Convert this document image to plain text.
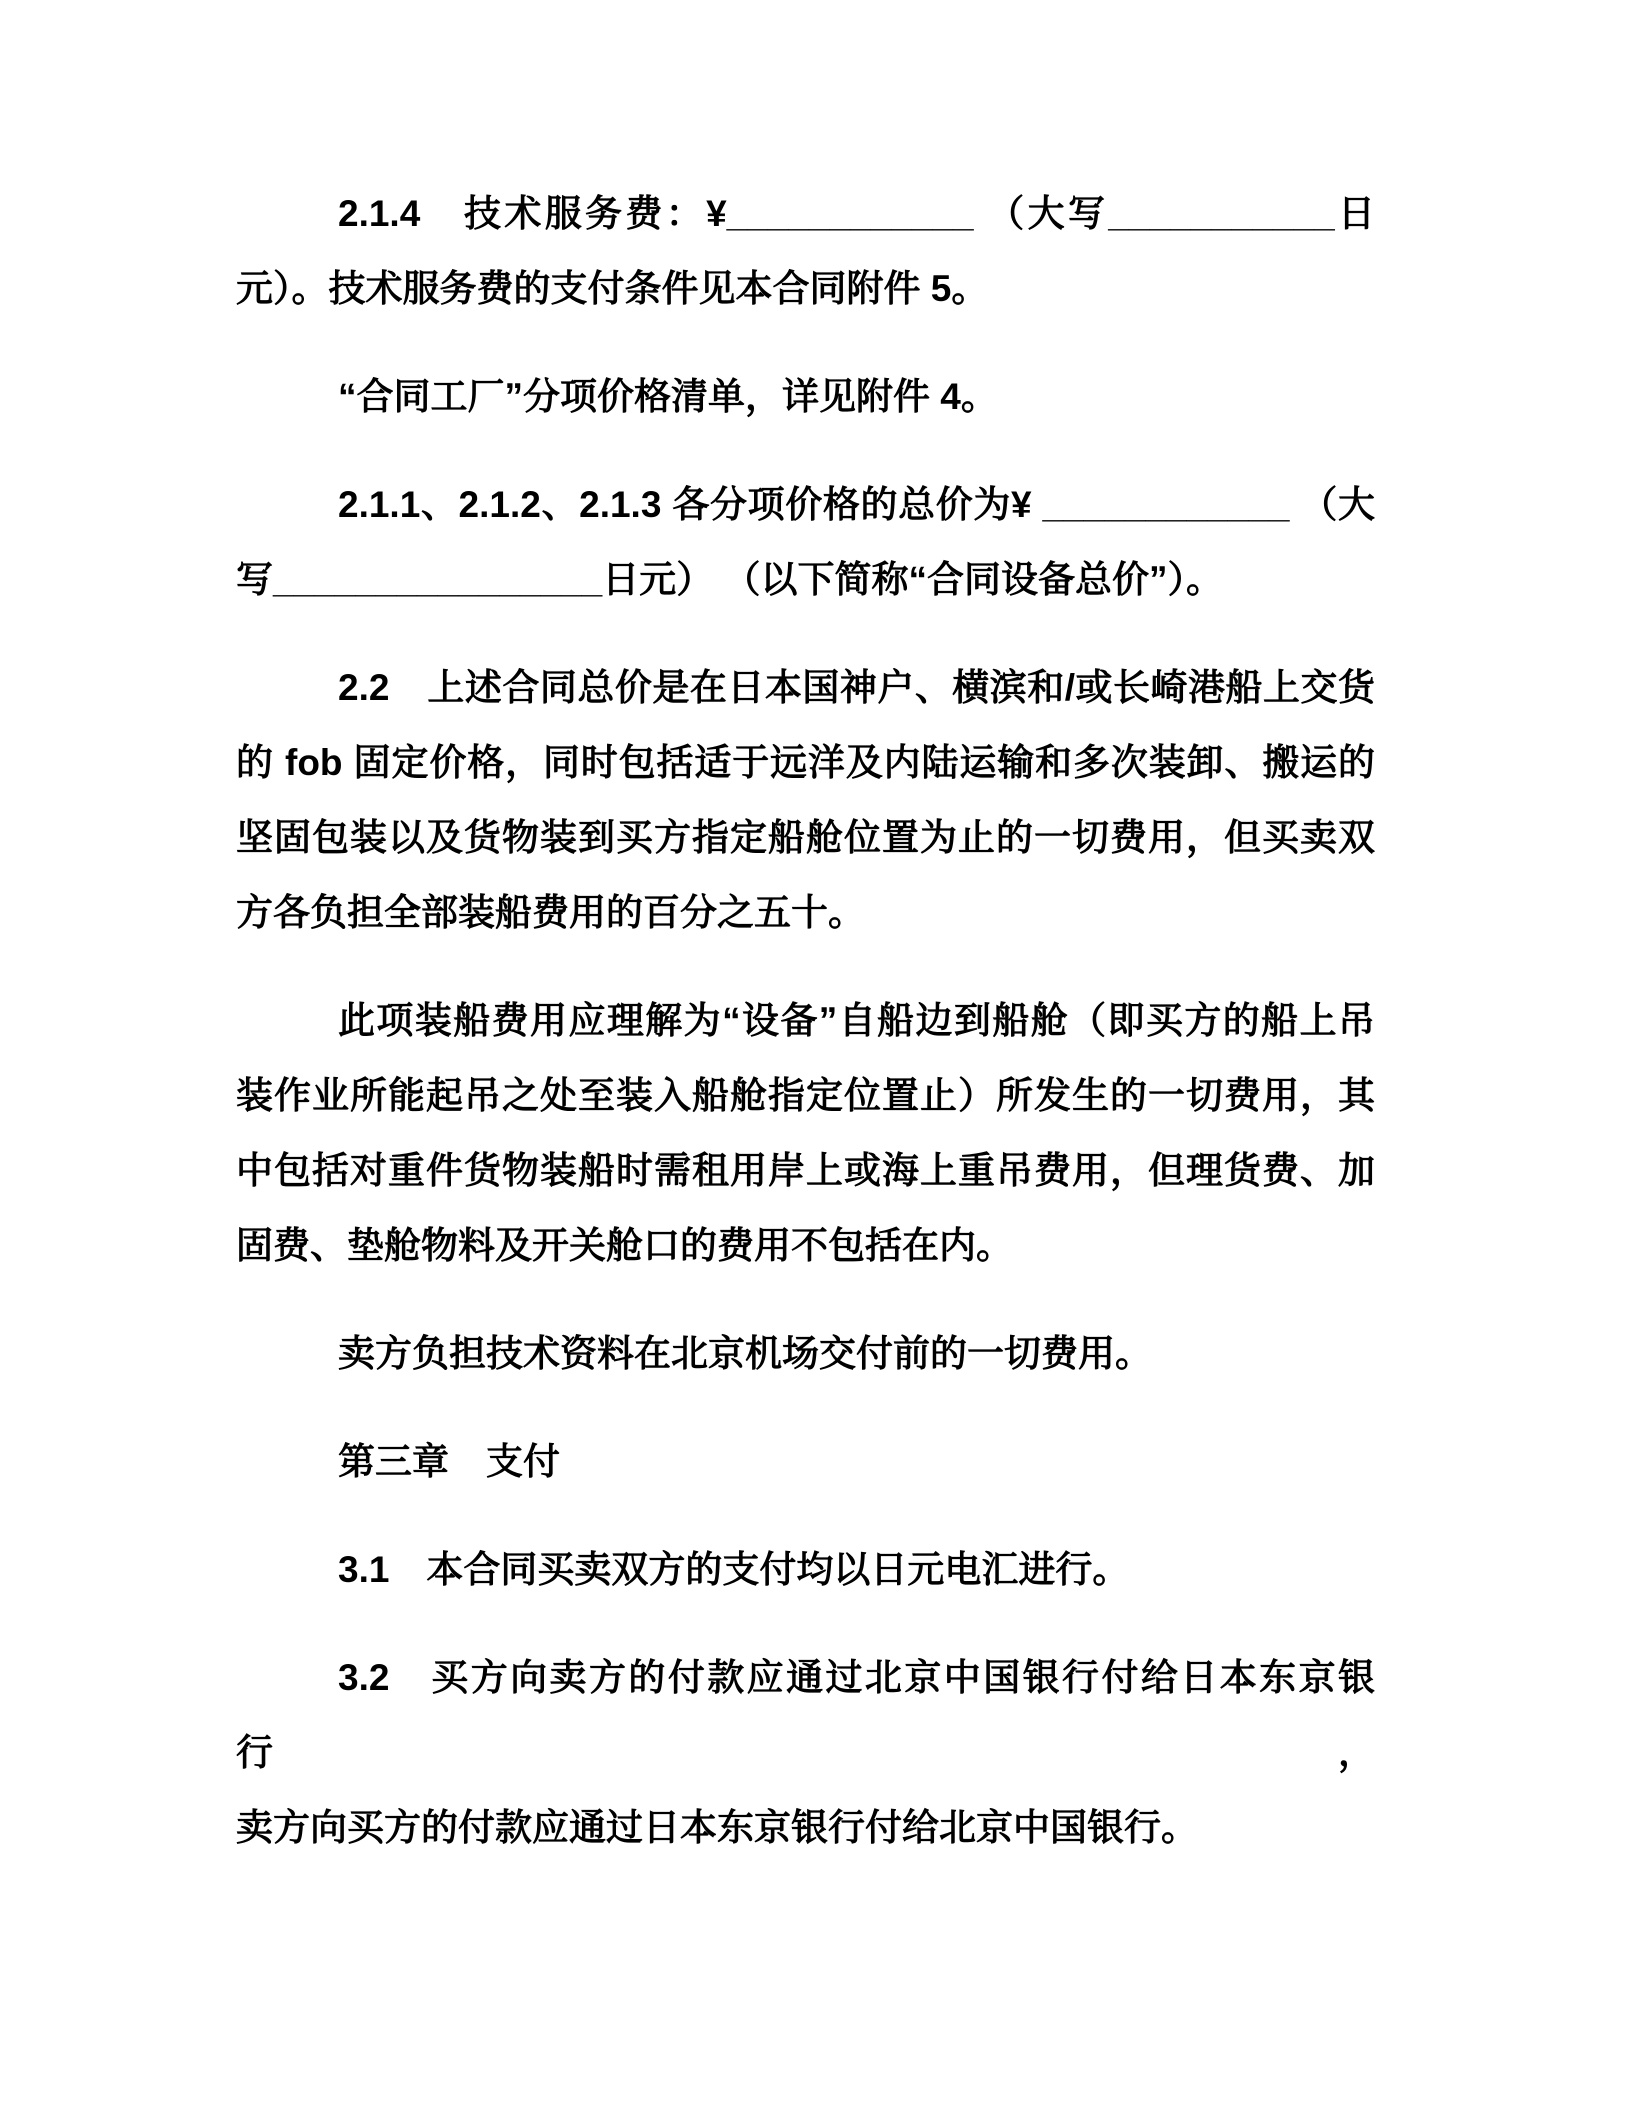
2.1.4　技术服务费：¥____________ （大写___________日
元）。技术服务费的支付条件见本合同附件 5。
“合同工厂”分项价格清单，详见附件 4。
2.1.1、2.1.2、2.1.3 各分项价格的总价为¥ ____________ （大
写________________日元） （以下简称“合同设备总价”）。
2.2　上述合同总价是在日本国神户、横滨和/或长崎港船上交货
的 fob 固定价格，同时包括适于远洋及内陆运输和多次装卸、搬运的
坚固包装以及货物装到买方指定船舱位置为止的一切费用，但买卖双
方各负担全部装船费用的百分之五十。
此项装船费用应理解为“设备”自船边到船舱（即买方的船上吊
装作业所能起吊之处至装入船舱指定位置止）所发生的一切费用，其
中包括对重件货物装船时需租用岸上或海上重吊费用，但理货费、加
固费、垫舱物料及开关舱口的费用不包括在内。
卖方负担技术资料在北京机场交付前的一切费用。
第三章　支付
3.1　本合同买卖双方的支付均以日元电汇进行。
3.2　买方向卖方的付款应通过北京中国银行付给日本东京银行，
卖方向买方的付款应通过日本东京银行付给北京中国银行。
